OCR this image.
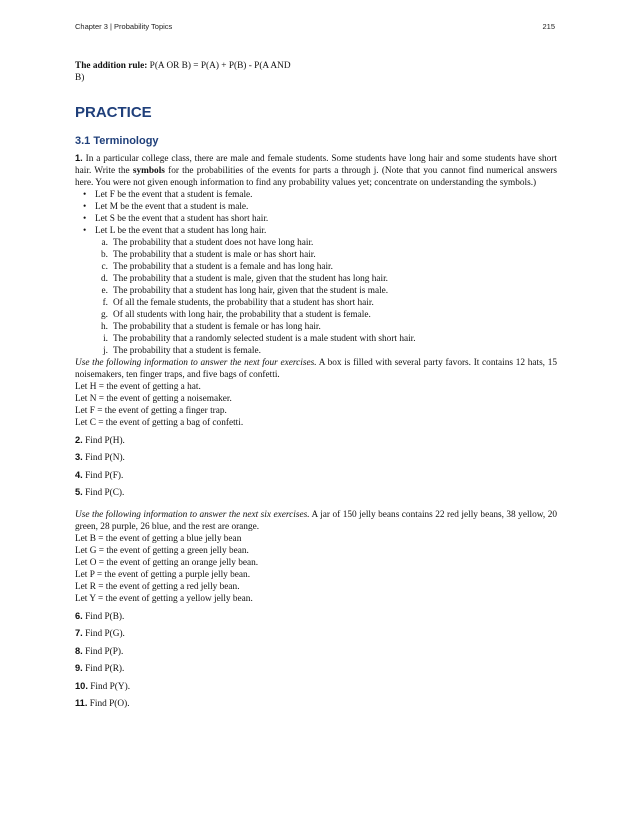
Chapter 3 | Probability Topics	215
The addition rule: P(A OR B) = P(A) + P(B) - P(A AND
B)
PRACTICE
3.1 Terminology
1. In a particular college class, there are male and female students. Some students have long hair and some students have short hair. Write the symbols for the probabilities of the events for parts a through j. (Note that you cannot find numerical answers here. You were not given enough information to find any probability values yet; concentrate on understanding the symbols.)
• Let F be the event that a student is female.
• Let M be the event that a student is male.
• Let S be the event that a student has short hair.
• Let L be the event that a student has long hair.
a. The probability that a student does not have long hair.
b. The probability that a student is male or has short hair.
c. The probability that a student is a female and has long hair.
d. The probability that a student is male, given that the student has long hair.
e. The probability that a student has long hair, given that the student is male.
f. Of all the female students, the probability that a student has short hair.
g. Of all students with long hair, the probability that a student is female.
h. The probability that a student is female or has long hair.
i. The probability that a randomly selected student is a male student with short hair.
j. The probability that a student is female.
Use the following information to answer the next four exercises. A box is filled with several party favors. It contains 12 hats, 15 noisemakers, ten finger traps, and five bags of confetti.
Let H = the event of getting a hat.
Let N = the event of getting a noisemaker.
Let F = the event of getting a finger trap.
Let C = the event of getting a bag of confetti.
2. Find P(H).
3. Find P(N).
4. Find P(F).
5. Find P(C).
Use the following information to answer the next six exercises. A jar of 150 jelly beans contains 22 red jelly beans, 38 yellow, 20 green, 28 purple, 26 blue, and the rest are orange.
Let B = the event of getting a blue jelly bean
Let G = the event of getting a green jelly bean.
Let O = the event of getting an orange jelly bean.
Let P = the event of getting a purple jelly bean.
Let R = the event of getting a red jelly bean.
Let Y = the event of getting a yellow jelly bean.
6. Find P(B).
7. Find P(G).
8. Find P(P).
9. Find P(R).
10. Find P(Y).
11. Find P(O).
